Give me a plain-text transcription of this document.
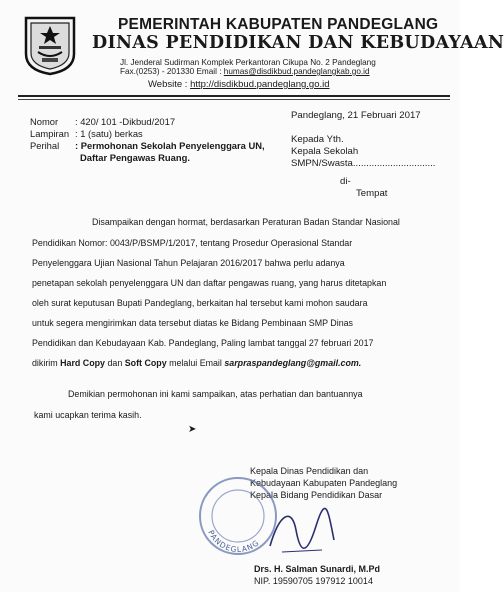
PEMERINTAH KABUPATEN PANDEGLANG
DINAS PENDIDIKAN DAN KEBUDAYAAN
Jl. Jenderal Sudirman Komplek Perkantoran Cikupa No. 2 Pandeglang
Fax.(0253) - 201330 Email : humas@disdikbud.pandeglangkab.go.id
Website : http://disdikbud.pandeglang.go.id
Nomor : 420/ 101 -Dikbud/2017
Lampiran : 1 (satu) berkas
Perihal : Permohonan Sekolah Penyelenggara UN,
Daftar Pengawas Ruang.
Pandeglang, 21 Februari 2017
Kepada Yth.
Kepala Sekolah
SMPN/Swasta...............................
di-
Tempat
Disampaikan dengan hormat, berdasarkan Peraturan Badan Standar Nasional
Pendidikan Nomor: 0043/P/BSMP/1/2017, tentang Prosedur Operasional Standar
Penyelenggara Ujian Nasional Tahun Pelajaran 2016/2017 bahwa perlu adanya
penetapan sekolah penyelenggara UN dan daftar pengawas ruang, yang harus ditetapkan
oleh surat keputusan Bupati Pandeglang, berkaitan hal tersebut kami mohon saudara
untuk segera mengirimkan data tersebut diatas ke Bidang Pembinaan SMP Dinas
Pendidikan dan Kebudayaan Kab. Pandeglang, Paling lambat tanggal 27 februari 2017
dikirim Hard Copy dan Soft Copy melalui Email sarpraspandeglang@gmail.com.
Demikian permohonan ini kami sampaikan, atas perhatian dan bantuannya
kami ucapkan terima kasih.
Kepala Dinas Pendidikan dan
Kebudayaan Kabupaten Pandeglang
Kepala Bidang Pendidikan Dasar
PANDEGLANG
Drs. H. Salman Sunardi, M.Pd
NIP. 19590705 197912 10014
➤
